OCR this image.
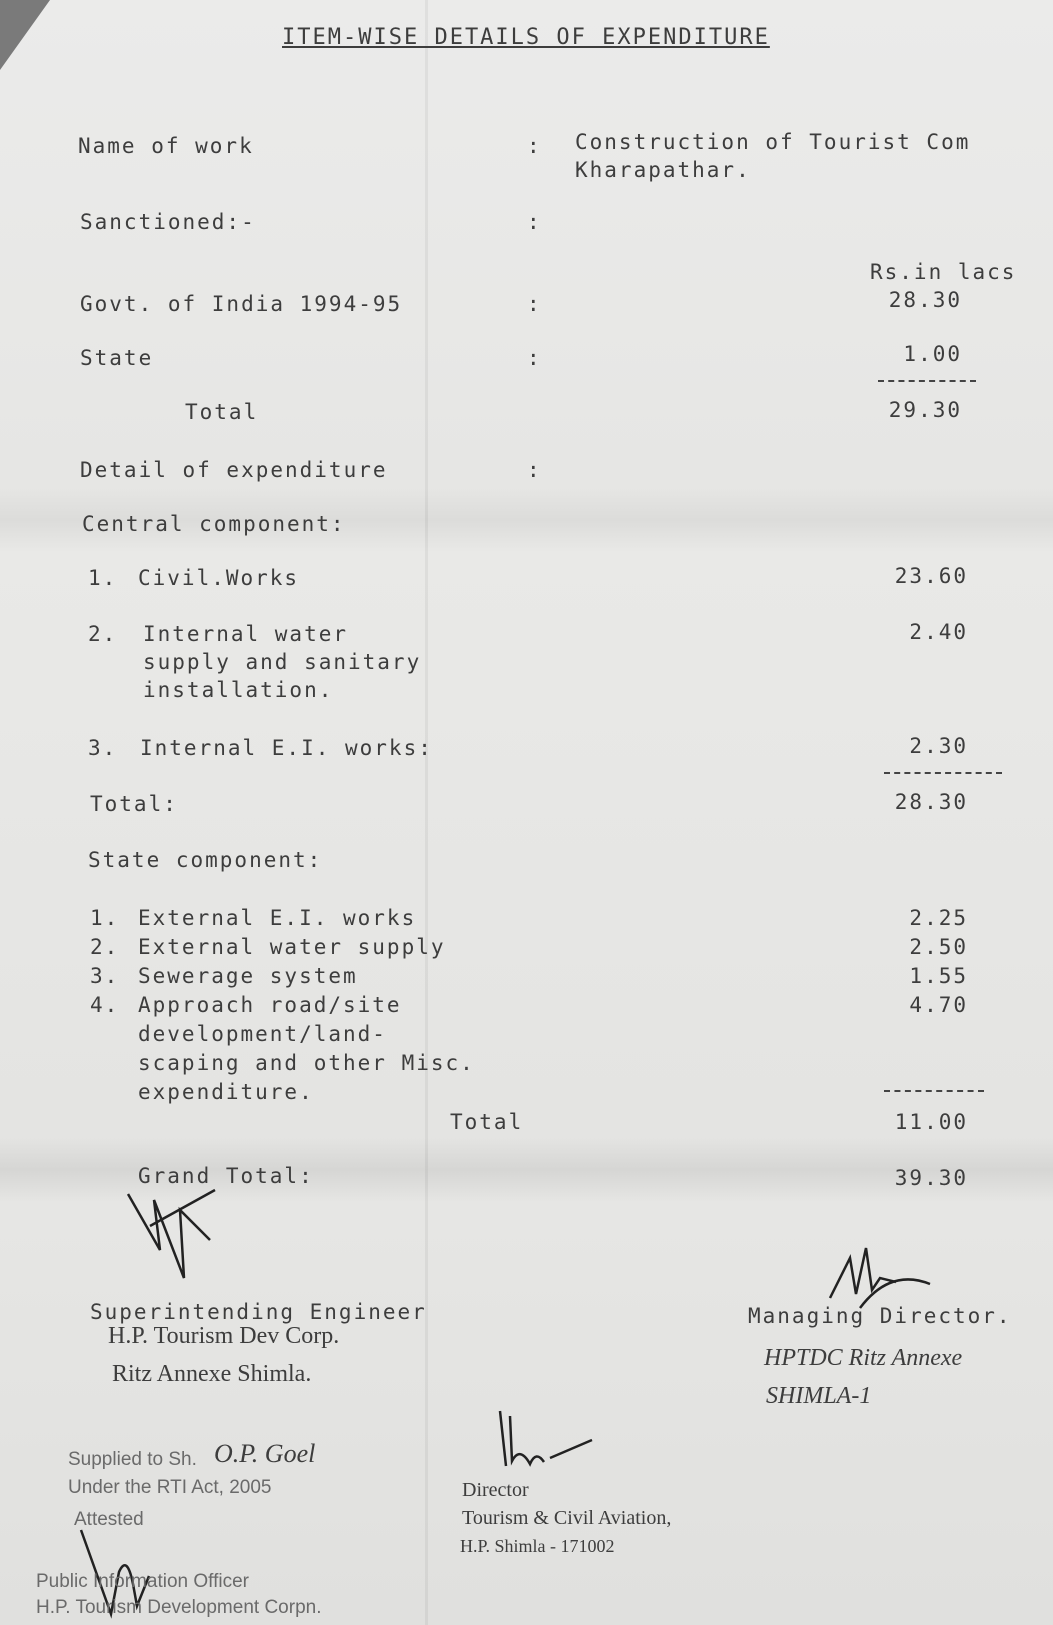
ITEM-WISE DETAILS OF EXPENDITURE
Name of work	: Construction of Tourist Com
Kharapathar.
Sanctioned:-	:
Rs.in lacs
Govt. of India 1994-95	:	28.30
State	:	1.00
Total	29.30
Detail of expenditure	:
Central component:
1. Civil.Works	23.60
2. Internal water
supply and sanitary
installation.
2.40
3. Internal E.I. works:	2.30
Total:	28.30
State component:
1. External E.I. works	2.25
2. External water supply	2.50
3. Sewerage system	1.55
4. Approach road/site
development/land-
scaping and other Misc.
expenditure.
4.70
Total	11.00
Grand Total:	39.30
Superintending Engineer
H.P. Tourism Dev Corp.
Ritz Annexe Shimla.
Managing Director.
HPTDC Ritz Annexe
SHIMLA-1
Director
Tourism & Civil Aviation,
H.P. Shimla - 171002
Supplied to Sh. O.P. Goel
Under the RTI Act, 2005
Attested
Public Information Officer
H.P. Tourism Development Corpn.
